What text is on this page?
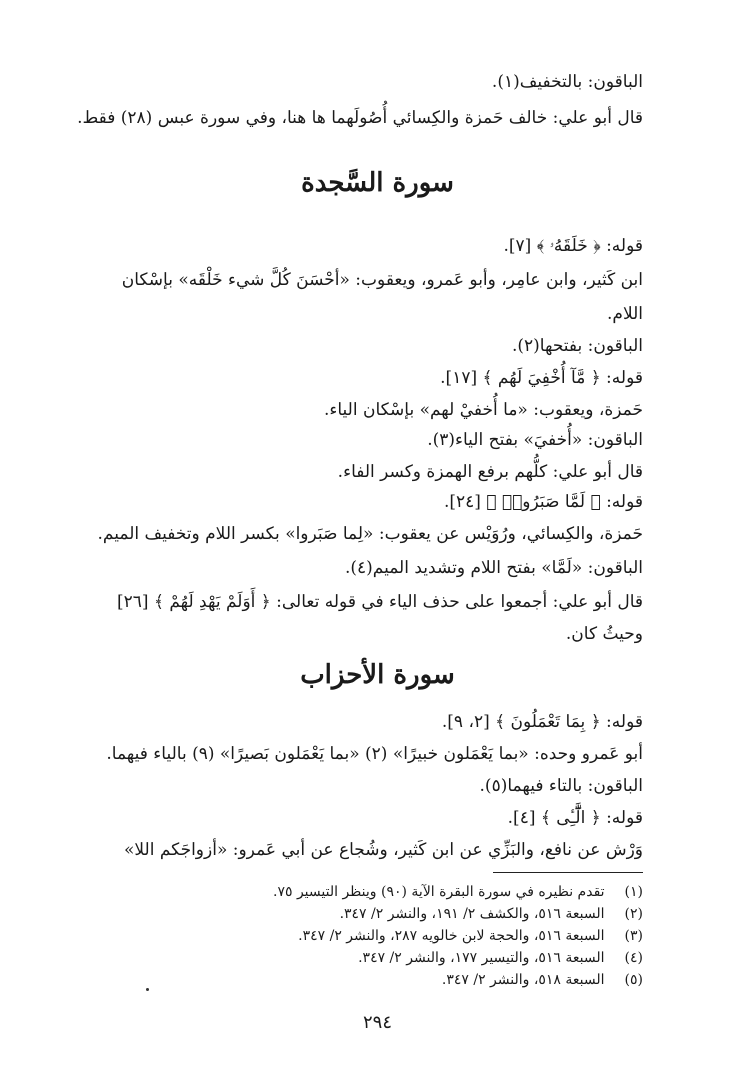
الباقون: بالتخفيف(١).
قال أبو علي: خالف حَمزة والكِسائي أُصُولَهما ها هنا، وفي سورة عبس (٢٨) فقط.
سورة السَّجدة
قوله: ﴿ خَلَقَهُۥ ﴾ [٧].
ابن كَثير، وابن عامِر، وأبو عَمرو، ويعقوب: «أحْسَنَ كُلَّ شيء خَلْقَه» بإسْكان
اللام.
الباقون: بفتحها(٢).
قوله: ﴿ مَّآ أُخْفِيَ لَهُم ﴾ [١٧].
حَمزة، ويعقوب: «ما أُخفيْ لهم» بإسْكان الياء.
الباقون: «أُخفيَ» بفتح الياء(٣).
قال أبو علي: كلُّهم برفع الهمزة وكسر الفاء.
قوله: ﴿ لَمَّا صَبَرُوا۟ ﴾ [٢٤].
حَمزة، والكِسائي، ورُوَيْس عن يعقوب: «لِما صَبَروا» بكسر اللام وتخفيف الميم.
الباقون: «لَمَّا» بفتح اللام وتشديد الميم(٤).
قال أبو علي: أجمعوا على حذف الياء في قوله تعالى: ﴿ أَوَلَمْ يَهْدِ لَهُمْ ﴾ [٢٦]
وحيثُ كان.
سورة الأحزاب
قوله: ﴿ بِمَا تَعْمَلُونَ ﴾ [٢، ٩].
أبو عَمرو وحده: «بما يَعْمَلون خبيرًا» (٢) «بما يَعْمَلون بَصيرًا» (٩) بالياء فيهما.
الباقون: بالتاء فيهما(٥).
قوله: ﴿ الَّٰٓـِٔى ﴾ [٤].
وَرْش عن نافع، والبَزِّي عن ابن كَثير، وشُجاع عن أبي عَمرو: «أزواجَكم اللا»
(١) تقدم نظيره في سورة البقرة الآية (٩٠) وينظر التيسير ٧٥.
(٢) السبعة ٥١٦، والكشف ٢/ ١٩١، والنشر ٢/ ٣٤٧.
(٣) السبعة ٥١٦، والحجة لابن خالويه ٢٨٧، والنشر ٢/ ٣٤٧.
(٤) السبعة ٥١٦، والتيسير ١٧٧، والنشر ٢/ ٣٤٧.
(٥) السبعة ٥١٨، والنشر ٢/ ٣٤٧.
٢٩٤
